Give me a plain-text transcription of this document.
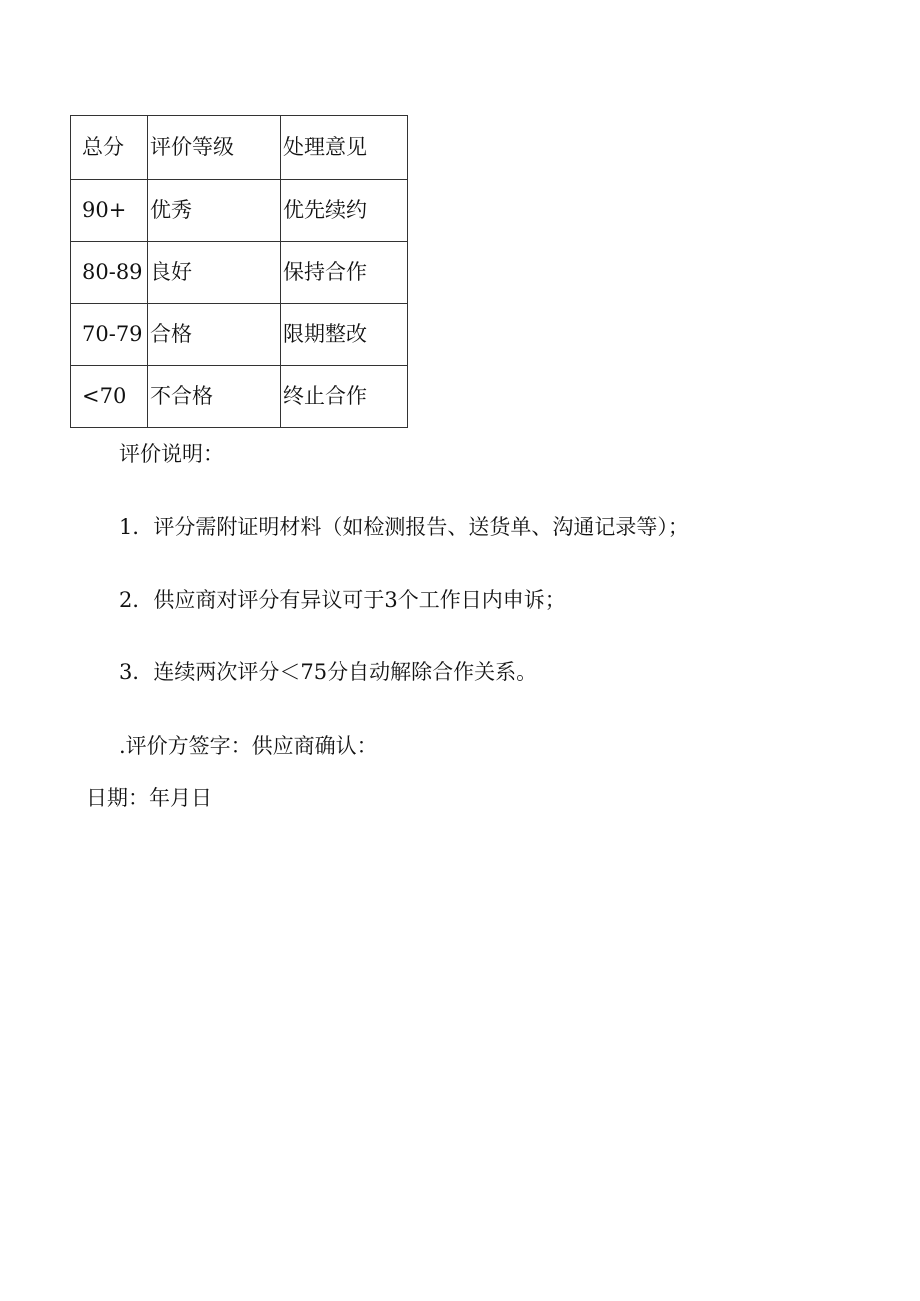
总分	评价等级	处理意见
90+	优秀	优先续约
80-89	良好	保持合作
70-79	合格	限期整改
<70	不合格	终止合作
评价说明：
1．评分需附证明材料（如检测报告、送货单、沟通记录等）；
2．供应商对评分有异议可于3个工作日内申诉；
3．连续两次评分＜75分自动解除合作关系。
.评价方签字：供应商确认：
日期：年月日
